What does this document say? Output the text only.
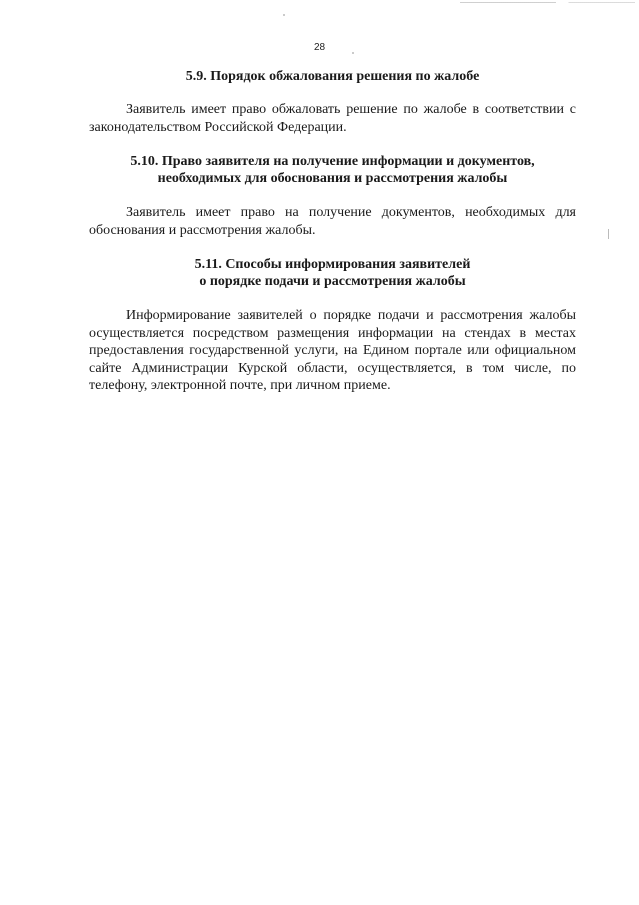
28
5.9. Порядок обжалования решения по жалобе

Заявитель имеет право обжаловать решение по жалобе в соответствии с законодательством Российской Федерации.

5.10. Право заявителя на получение информации и документов,
необходимых для обоснования и рассмотрения жалобы

Заявитель имеет право на получение документов, необходимых для обоснования и рассмотрения жалобы.

5.11. Способы информирования заявителей
о порядке подачи и рассмотрения жалобы

Информирование заявителей о порядке подачи и рассмотрения жалобы осуществляется посредством размещения информации на стендах в местах предоставления государственной услуги, на Едином портале или официальном сайте Администрации Курской области, осуществляется, в том числе, по телефону, электронной почте, при личном приеме.
